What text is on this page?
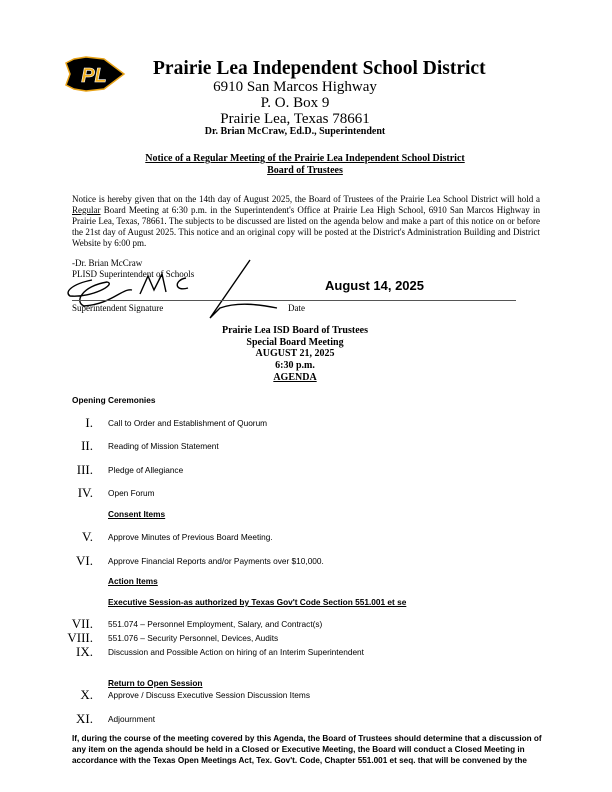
PL Prairie Lea Independent School District
6910 San Marcos Highway
P. O. Box 9
Prairie Lea, Texas 78661
Dr. Brian McCraw, Ed.D., Superintendent
Notice of a Regular Meeting of the Prairie Lea Independent School District
Board of Trustees
Notice is hereby given that on the 14th day of August 2025, the Board of Trustees of the Prairie Lea School District will hold a Regular Board Meeting at 6:30 p.m. in the Superintendent's Office at Prairie Lea High School, 6910 San Marcos Highway in Prairie Lea, Texas, 78661. The subjects to be discussed are listed on the agenda below and make a part of this notice on or before the 21st day of August 2025. This notice and an original copy will be posted at the District's Administration Building and District Website by 6:00 pm.
-Dr. Brian McCraw
PLISD Superintendent of Schools
August 14, 2025
Superintendent Signature	Date
Prairie Lea ISD Board of Trustees
Special Board Meeting
AUGUST 21, 2025
6:30 p.m.
AGENDA
Opening Ceremonies
I. Call to Order and Establishment of Quorum
II. Reading of Mission Statement
III. Pledge of Allegiance
IV. Open Forum
Consent Items
V. Approve Minutes of Previous Board Meeting.
VI. Approve Financial Reports and/or Payments over $10,000.
Action Items
Executive Session-as authorized by Texas Gov't Code Section 551.001 et se
VII. 551.074 – Personnel Employment, Salary, and Contract(s)
VIII. 551.076 – Security Personnel, Devices, Audits
IX. Discussion and Possible Action on hiring of an Interim Superintendent
Return to Open Session
X. Approve / Discuss Executive Session Discussion Items
XI. Adjournment
If, during the course of the meeting covered by this Agenda, the Board of Trustees should determine that a discussion of any item on the agenda should be held in a Closed or Executive Meeting, the Board will conduct a Closed Meeting in accordance with the Texas Open Meetings Act, Tex. Gov't. Code, Chapter 551.001 et seq. that will be convened by the
